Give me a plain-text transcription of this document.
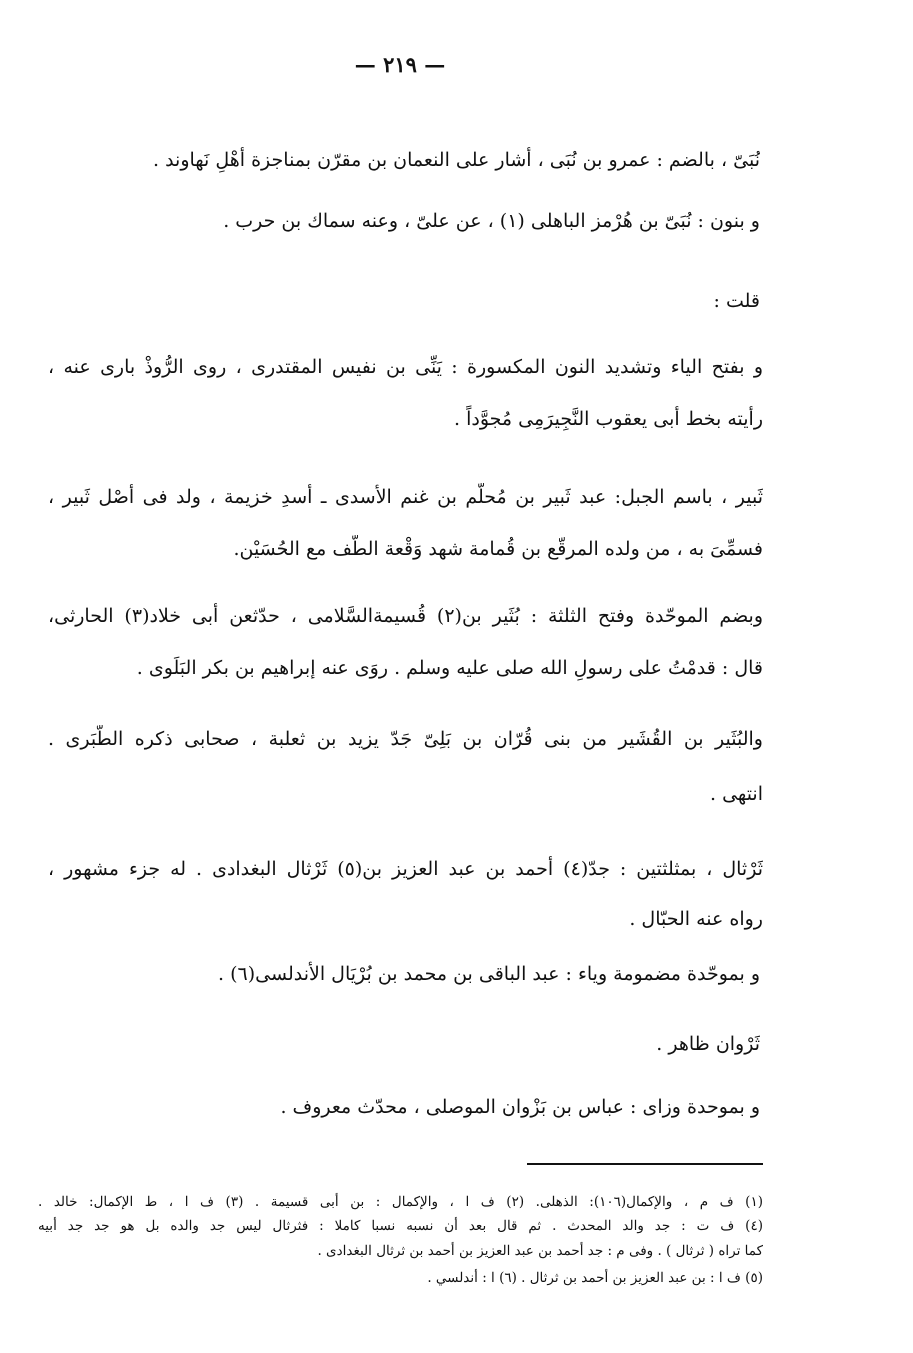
— ٢١٩ —
نُبَىّ ، بالضم : عمرو بن نُبَى ، أشار على النعمان بن مقرّن بمناجزة أهْلِ نَهاوند .
و بنون : نُبَىّ بن هُرْمز الباهلى (١) ، عن علىّ ، وعنه سماك بن حرب .
قلت :
و بفتح الياء وتشديد النون المكسورة : يَنِّى بن نفيس المقتدرى ، روى الرُّوذْ بارى عنه ،
رأيته بخط أبى يعقوب النَّجِيرَمِى مُجوَّداً .
ثَبير ، باسم الجبل: عبد ثَبير بن مُحلّم بن غنم الأسدى ـ أسدِ خزيمة ، ولد فى أصْل ثَبير ،
فسمِّىَ به ، من ولده المرقّع بن قُمامة شهد وَقْعة الطَّف مع الحُسَيْن.
وبضم الموحّدة وفتح الثلثة : بُثَير بن(٢) قُسيمةالسَّلامى ، حدّثعن أبى خلاد(٣) الحارثى،
قال : قدمْتُ على رسولِ الله صلى عليه وسلم . روَى عنه إبراهيم بن بكر البَلَوى .
والبُثَير بن القُشَير من بنى قُرّان بن بَلِىّ جَدّ يزيد بن ثعلبة ، صحابى ذكره الطَّبَرى .
انتهى .
ثَرْثال ، بمثلثتين : جدّ(٤) أحمد بن عبد العزيز بن(٥) ثَرْثال البغدادى . له جزء مشهور ،
رواه عنه الحبّال .
و بموحّدة مضمومة وياء : عبد الباقى بن محمد بن بُرْيَال الأندلسى(٦) .
ثَرْوان ظاهر .
و بموحدة وزاى : عباس بن بَزْوان الموصلى ، محدّث معروف .
(١) ف م ، والإكمال(١٠٦): الذهلى. (٢) ف ا ، والإكمال : بن أبى قسيمة . (٣) ف ا ، ط الإكمال: خالد .
(٤) ف ت : جد والد المحدث . ثم قال بعد أن نسبه نسبا كاملا : فثرثال ليس جد والده بل هو جد جد أبيه
كما تراه ( ثرثال ) . وفى م : جد أحمد بن عبد العزيز بن أحمد بن ثرثال البغدادى .
(٥) ف ا : بن عبد العزيز بن أحمد بن ثرثال . (٦) ا : أندلسي .
